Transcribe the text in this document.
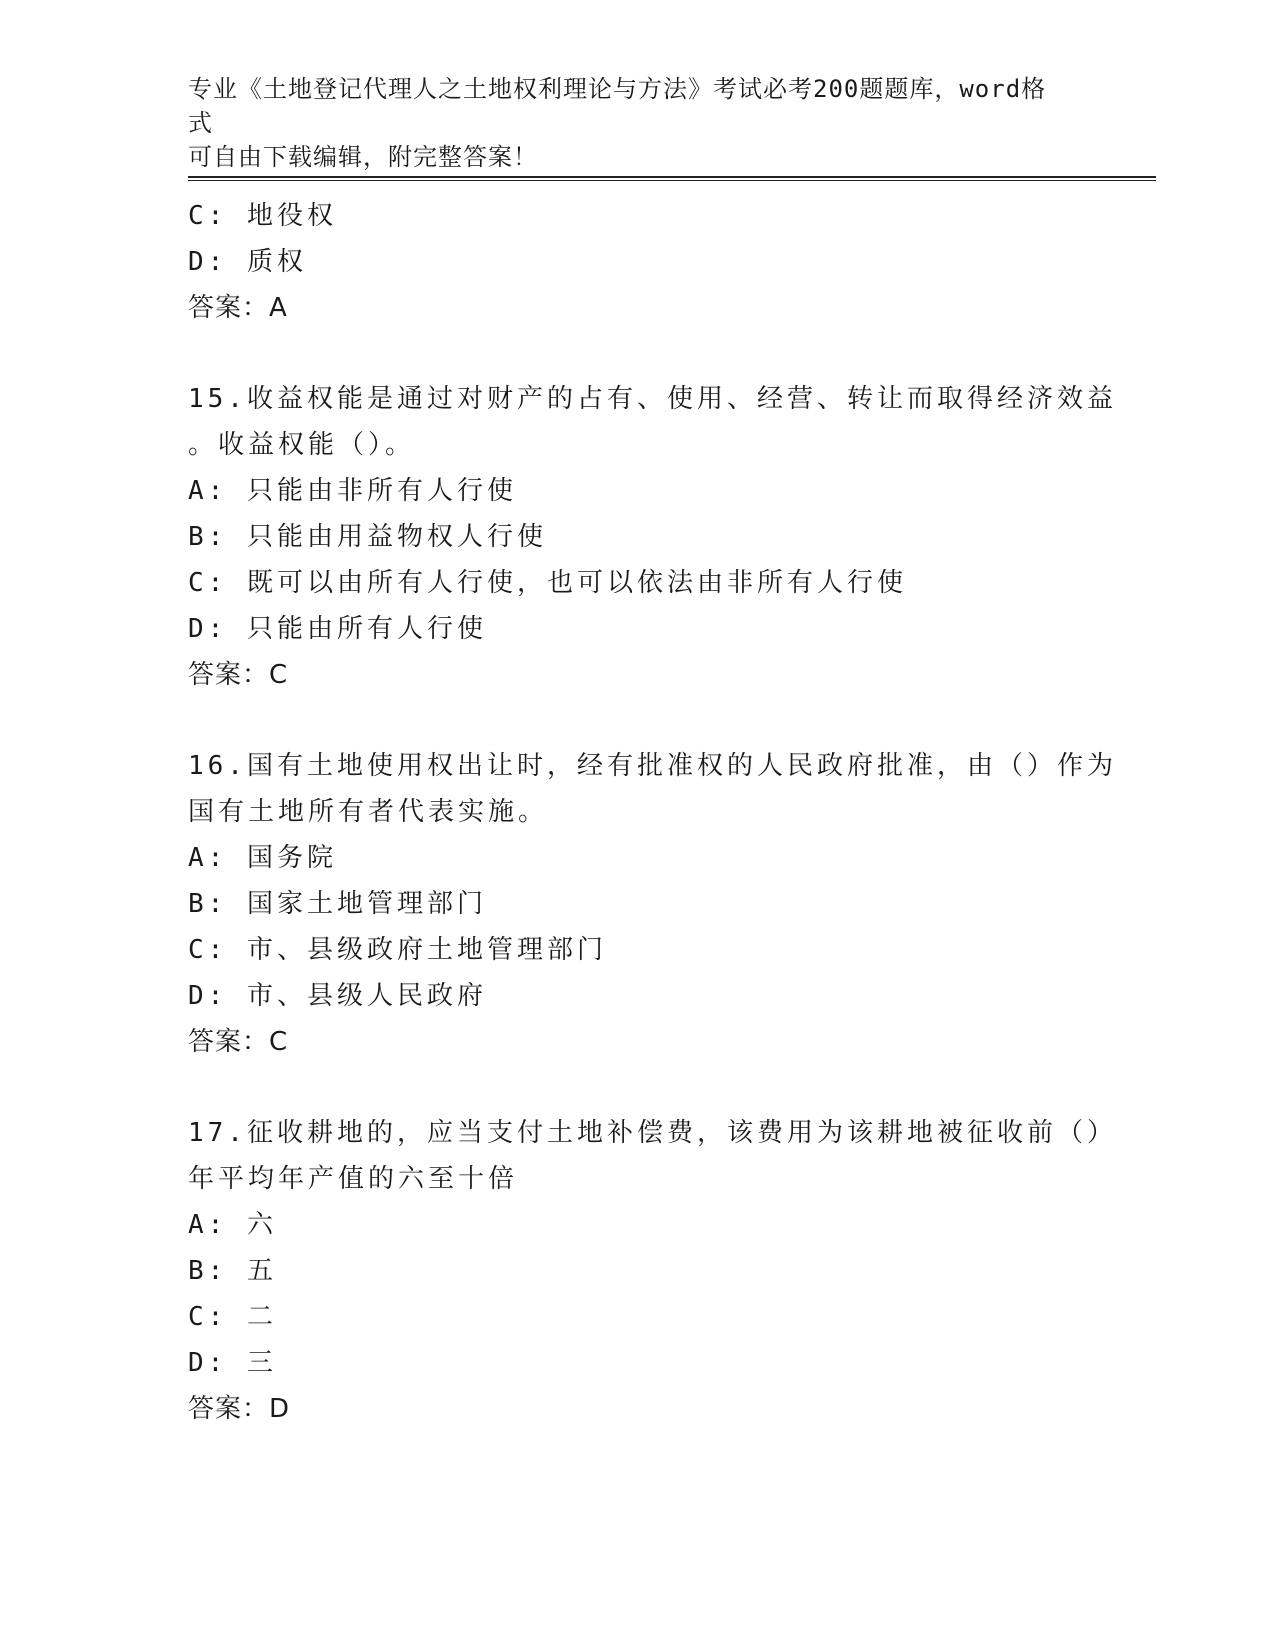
专业《土地登记代理人之土地权利理论与方法》考试必考200题题库，word格式
可自由下载编辑，附完整答案！
C: 地役权
D: 质权
答案：A
15.收益权能是通过对财产的占有、使用、经营、转让而取得经济效益
。收益权能（）。
A: 只能由非所有人行使
B: 只能由用益物权人行使
C: 既可以由所有人行使，也可以依法由非所有人行使
D: 只能由所有人行使
答案：C
16.国有土地使用权出让时，经有批准权的人民政府批准，由（）作为
国有土地所有者代表实施。
A: 国务院
B: 国家土地管理部门
C: 市、县级政府土地管理部门
D: 市、县级人民政府
答案：C
17.征收耕地的，应当支付土地补偿费，该费用为该耕地被征收前（）
年平均年产值的六至十倍
A: 六
B: 五
C: 二
D: 三
答案：D
